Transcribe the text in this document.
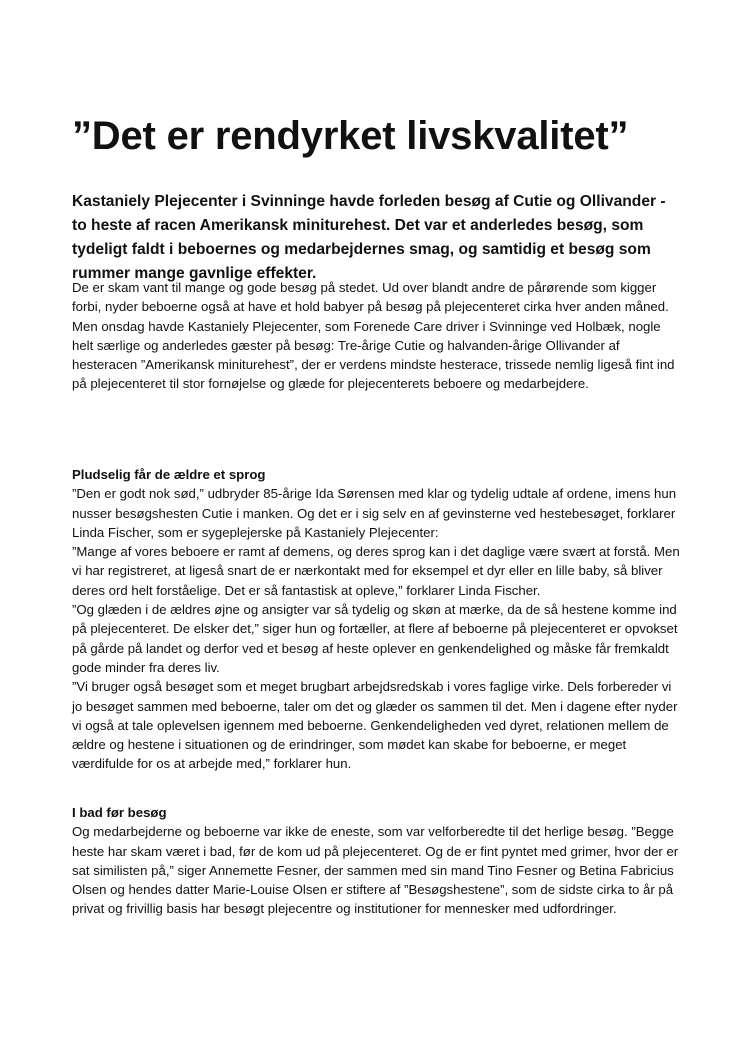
”Det er rendyrket livskvalitet”

Kastaniely Plejecenter i Svinninge havde forleden besøg af Cutie og Ollivander - to heste af racen Amerikansk miniturehest. Det var et anderledes besøg, som tydeligt faldt i beboernes og medarbejdernes smag, og samtidig et besøg som rummer mange gavnlige effekter.

De er skam vant til mange og gode besøg på stedet. Ud over blandt andre de pårørende som kigger forbi, nyder beboerne også at have et hold babyer på besøg på plejecenteret cirka hver anden måned. Men onsdag havde Kastaniely Plejecenter, som Forenede Care driver i Svinninge ved Holbæk, nogle helt særlige og anderledes gæster på besøg: Tre-årige Cutie og halvanden-årige Ollivander af hesteracen ”Amerikansk miniturehest”, der er verdens mindste hesterace, trissede nemlig ligeså fint ind på plejecenteret til stor fornøjelse og glæde for plejecenterets beboere og medarbejdere.

Pludselig får de ældre et sprog

”Den er godt nok sød,” udbryder 85-årige Ida Sørensen med klar og tydelig udtale af ordene, imens hun nusser besøgshesten Cutie i manken. Og det er i sig selv en af gevinsterne ved hestebesøget, forklarer Linda Fischer, som er sygeplejerske på Kastaniely Plejecenter:

”Mange af vores beboere er ramt af demens, og deres sprog kan i det daglige være svært at forstå. Men vi har registreret, at ligeså snart de er nærkontakt med for eksempel et dyr eller en lille baby, så bliver deres ord helt forståelige. Det er så fantastisk at opleve,” forklarer Linda Fischer.

”Og glæden i de ældres øjne og ansigter var så tydelig og skøn at mærke, da de så hestene komme ind på plejecenteret. De elsker det,” siger hun og fortæller, at flere af beboerne på plejecenteret er opvokset på gårde på landet og derfor ved et besøg af heste oplever en genkendelighed og måske får fremkaldt gode minder fra deres liv.

”Vi bruger også besøget som et meget brugbart arbejdsredskab i vores faglige virke. Dels forbereder vi jo besøget sammen med beboerne, taler om det og glæder os sammen til det. Men i dagene efter nyder vi også at tale oplevelsen igennem med beboerne. Genkendeligheden ved dyret, relationen mellem de ældre og hestene i situationen og de erindringer, som mødet kan skabe for beboerne, er meget værdifulde for os at arbejde med,” forklarer hun.

I bad før besøg

Og medarbejderne og beboerne var ikke de eneste, som var velforberedte til det herlige besøg. ”Begge heste har skam været i bad, før de kom ud på plejecenteret. Og de er fint pyntet med grimer, hvor der er sat similisten på,” siger Annemette Fesner, der sammen med sin mand Tino Fesner og Betina Fabricius Olsen og hendes datter Marie-Louise Olsen er stiftere af ”Besøgshestene”, som de sidste cirka to år på privat og frivillig basis har besøgt plejecentre og institutioner for mennesker med udfordringer.
